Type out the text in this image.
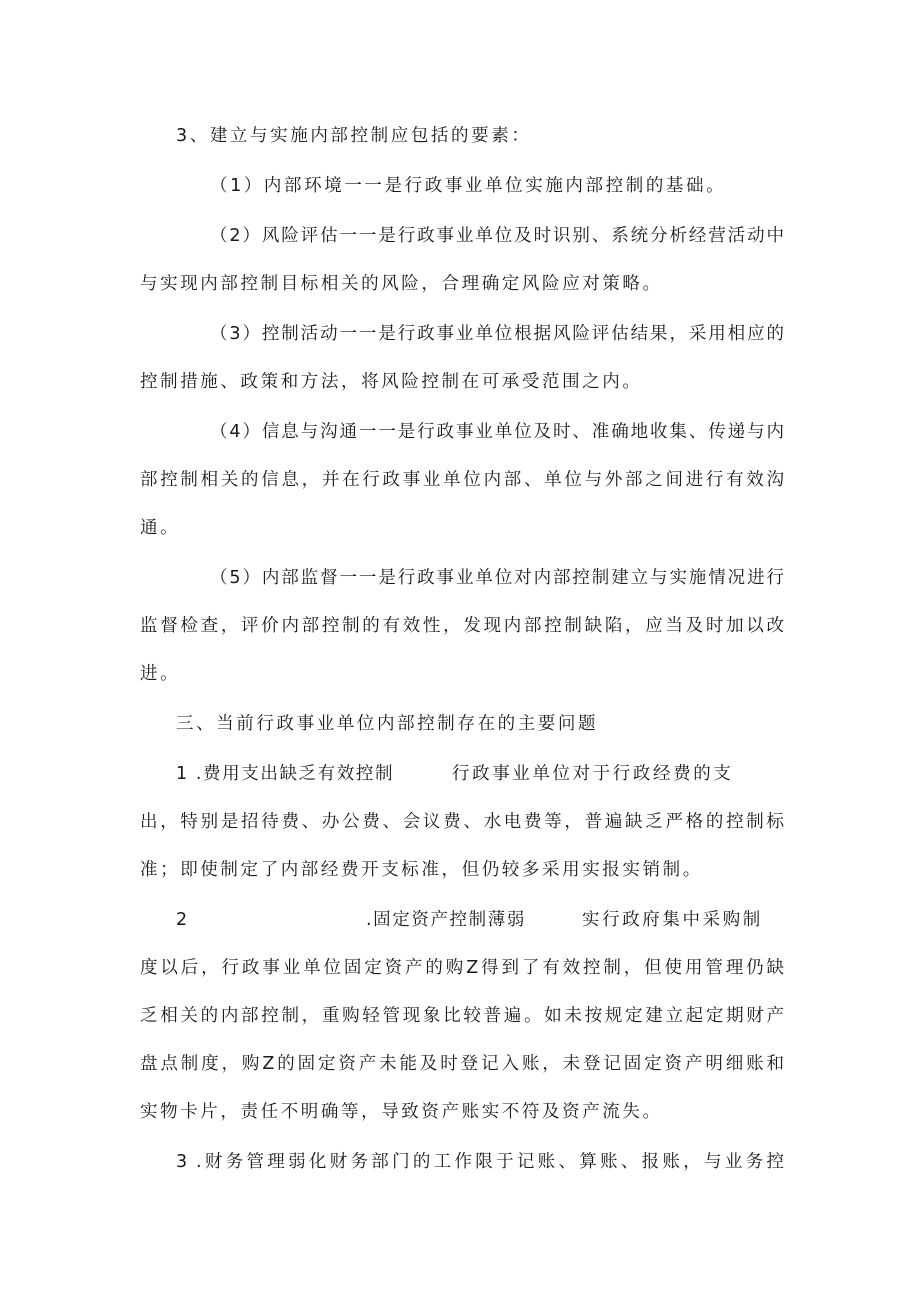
3、建立与实施内部控制应包括的要素：
（1）内部环境一一是行政事业单位实施内部控制的基础。
（2）风险评估一一是行政事业单位及时识别、系统分析经营活动中
与实现内部控制目标相关的风险，合理确定风险应对策略。
（3）控制活动一一是行政事业单位根据风险评估结果，采用相应的
控制措施、政策和方法，将风险控制在可承受范围之内。
（4）信息与沟通一一是行政事业单位及时、准确地收集、传递与内
部控制相关的信息，并在行政事业单位内部、单位与外部之间进行有效沟
通。
（5）内部监督一一是行政事业单位对内部控制建立与实施情况进行
监督检查，评价内部控制的有效性，发现内部控制缺陷，应当及时加以改
进。
三、当前行政事业单位内部控制存在的主要问题
1 .费用支出缺乏有效控制	行政事业单位对于行政经费的支
出，特别是招待费、办公费、会议费、水电费等，普遍缺乏严格的控制标
准；即使制定了内部经费开支标准，但仍较多采用实报实销制。
2	.固定资产控制薄弱	实行政府集中采购制
度以后，行政事业单位固定资产的购Z得到了有效控制，但使用管理仍缺
乏相关的内部控制，重购轻管现象比较普遍。如未按规定建立起定期财产
盘点制度，购Z的固定资产未能及时登记入账，未登记固定资产明细账和
实物卡片，责任不明确等，导致资产账实不符及资产流失。
3 .财务管理弱化财务部门的工作限于记账、算账、报账，与业务控
